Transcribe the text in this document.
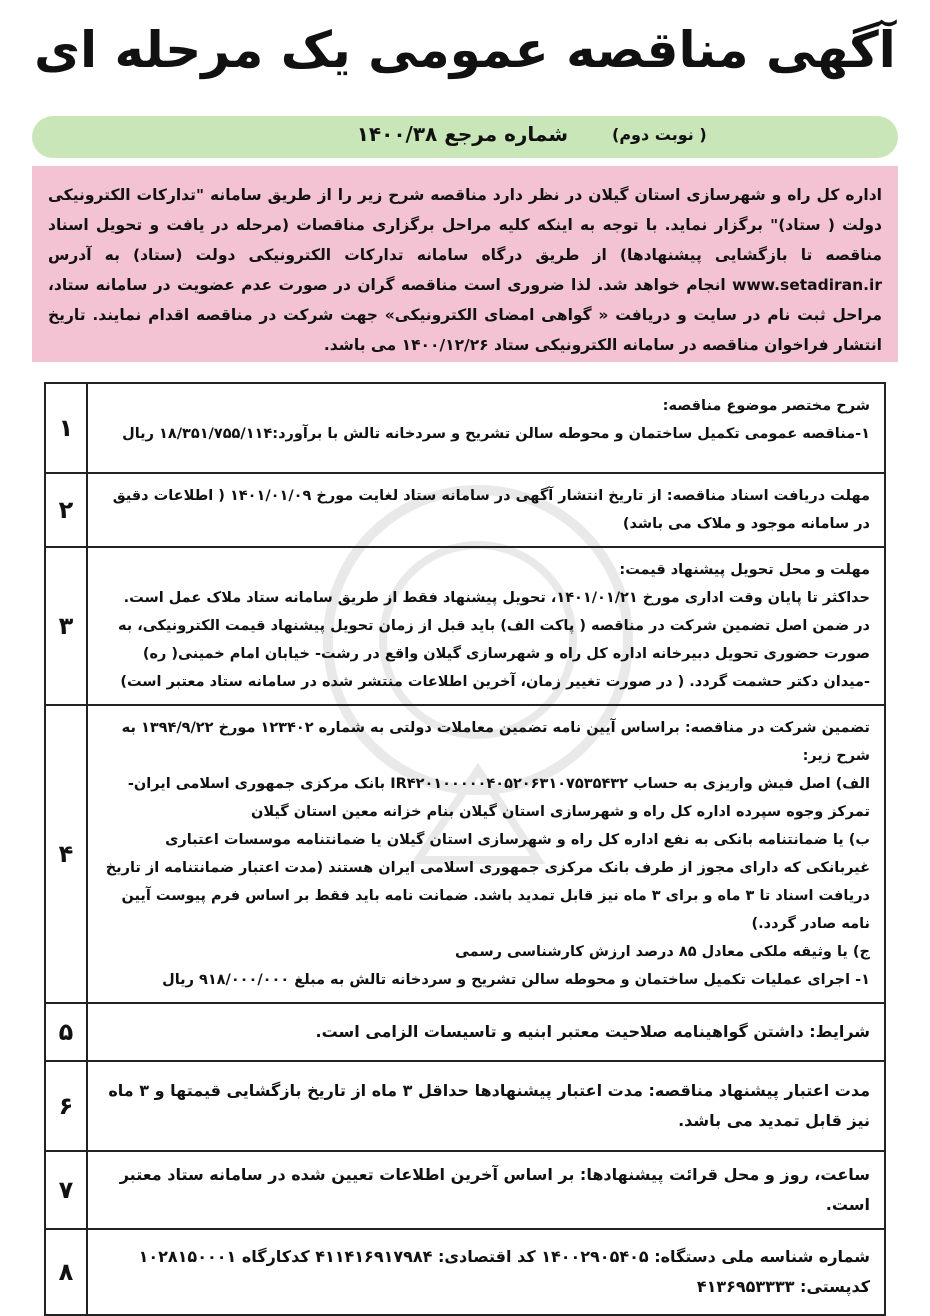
آگهی مناقصه عمومی یک مرحله ای
شماره مرجع ۱۴۰۰/۳۸	( نوبت دوم)
اداره کل راه و شهرسازی استان گیلان در نظر دارد مناقصه شرح زیر را از طریق سامانه "تدارکات الکترونیکی دولت ( ستاد)" برگزار نماید. با توجه به اینکه کلیه مراحل برگزاری مناقصات (مرحله در یافت و تحویل اسناد مناقصه تا بازگشایی پیشنهادها) از طریق درگاه سامانه تدارکات الکترونیکی دولت (ستاد) به آدرس www.setadiran.ir انجام خواهد شد. لذا ضروری است مناقصه گران در صورت عدم عضویت در سامانه ستاد، مراحل ثبت نام در سایت و دریافت « گواهی امضای الکترونیکی» جهت شرکت در مناقصه اقدام نمایند. تاریخ انتشار فراخوان مناقصه در سامانه الکترونیکی ستاد ۱۴۰۰/۱۲/۲۶ می باشد.
شرح مختصر موضوع مناقصه:
۱-مناقصه عمومی تکمیل ساختمان و محوطه سالن تشریح و سردخانه تالش با برآورد:۱۸/۳۵۱/۷۵۵/۱۱۴ ریال	۱

مهلت دریافت اسناد مناقصه: از تاریخ انتشار آگهی در سامانه ستاد لغایت مورخ ۱۴۰۱/۰۱/۰۹ ( اطلاعات دقیق در سامانه موجود و ملاک می باشد)	۲

مهلت و محل تحویل پیشنهاد قیمت:
حداکثر تا پایان وقت اداری مورخ ۱۴۰۱/۰۱/۲۱، تحویل پیشنهاد فقط از طریق سامانه ستاد ملاک عمل است. در ضمن اصل تضمین شرکت در مناقصه ( پاکت الف) باید قبل از زمان تحویل پیشنهاد قیمت الکترونیکی، به صورت حضوری تحویل دبیرخانه اداره کل راه و شهرسازی گیلان واقع در رشت- خیابان امام خمینی( ره) -میدان دکتر حشمت گردد. ( در صورت تغییر زمان، آخرین اطلاعات منتشر شده در سامانه ستاد معتبر است)	۳

تضمین شرکت در مناقصه: براساس آیین نامه تضمین معاملات دولتی به شماره ۱۲۳۴۰۲ مورخ ۱۳۹۴/۹/۲۲ به شرح زیر:
الف) اصل فیش واریزی به حساب IR۴۲۰۱۰۰۰۰۰۴۰۵۲۰۶۳۱۰۷۵۳۵۴۳۲ بانک مرکزی جمهوری اسلامی ایران- تمرکز وجوه سپرده اداره کل راه و شهرسازی استان گیلان بنام خزانه معین استان گیلان
ب) یا ضمانتنامه بانکی به نفع اداره کل راه و شهرسازی استان گیلان یا ضمانتنامه موسسات اعتباری غیربانکی که دارای مجوز از طرف بانک مرکزی جمهوری اسلامی ایران هستند (مدت اعتبار ضمانتنامه از تاریخ دریافت اسناد تا ۳ ماه و برای ۳ ماه نیز قابل تمدید باشد. ضمانت نامه باید فقط بر اساس فرم پیوست آیین نامه صادر گردد.)
ج) یا وثیقه ملکی معادل ۸۵ درصد ارزش کارشناسی رسمی
۱- اجرای عملیات تکمیل ساختمان و محوطه سالن تشریح و سردخانه تالش به مبلغ ۹۱۸/۰۰۰/۰۰۰ ریال	۴

شرایط: داشتن گواهینامه صلاحیت معتبر ابنیه و تاسیسات الزامی است.	۵

مدت اعتبار پیشنهاد مناقصه: مدت اعتبار پیشنهادها حداقل ۳ ماه از تاریخ بازگشایی قیمتها و ۳ ماه نیز قابل تمدید می باشد.	۶

ساعت، روز و محل قرائت پیشنهادها: بر اساس آخرین اطلاعات تعیین شده در سامانه ستاد معتبر است.	۷

شماره شناسه ملی دستگاه: ۱۴۰۰۲۹۰۵۴۰۵ کد اقتصادی: ۴۱۱۴۱۶۹۱۷۹۸۴ کدکارگاه ۱۰۲۸۱۵۰۰۰۱ کدپستی: ۴۱۳۶۹۵۳۳۳۳	۸
